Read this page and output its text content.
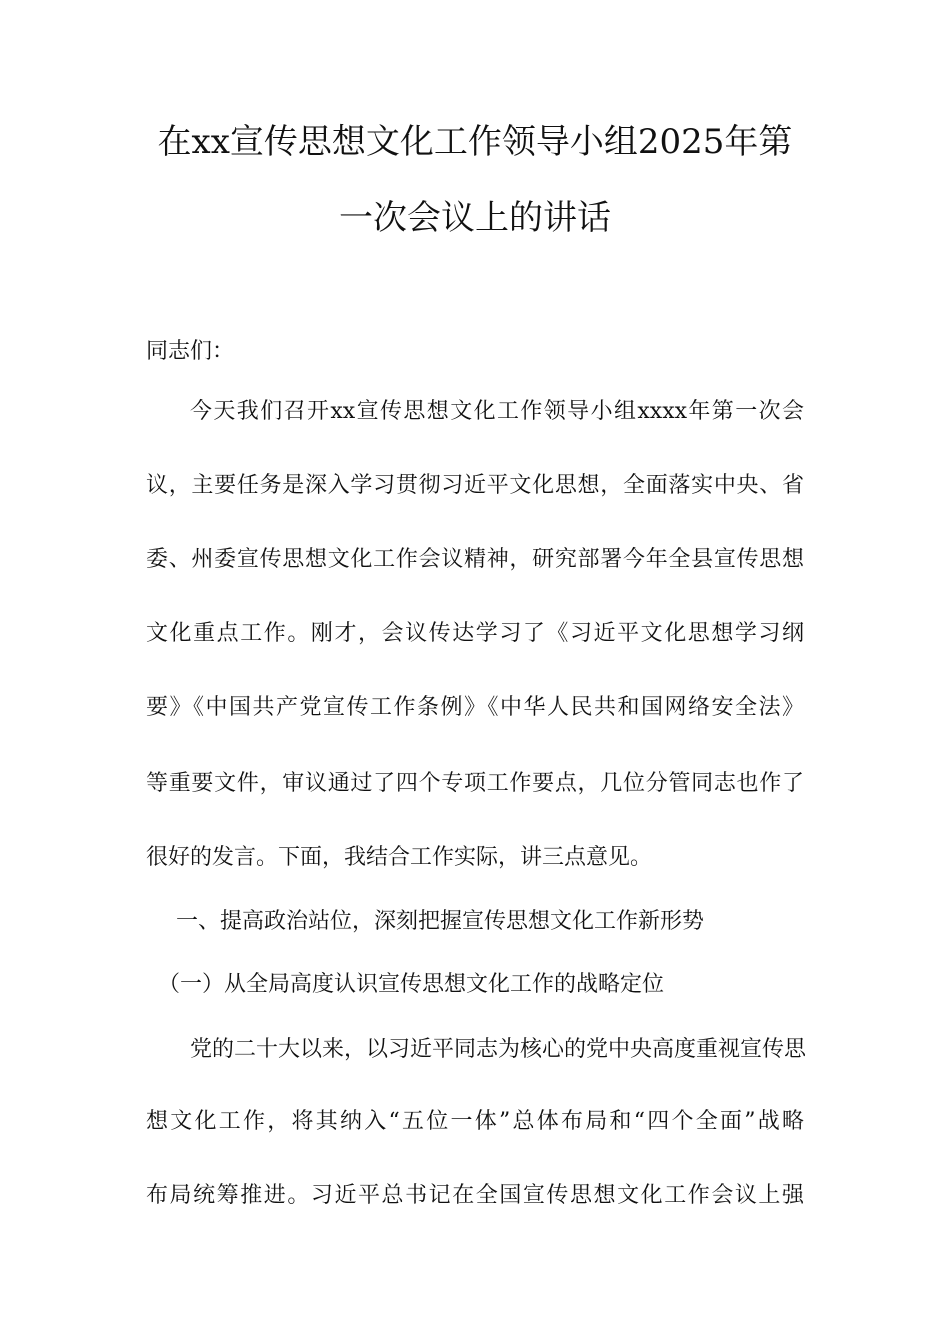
在xx宣传思想文化工作领导小组2025年第
一次会议上的讲话
同志们：
今天我们召开xx宣传思想文化工作领导小组xxxx年第一次会
议，主要任务是深入学习贯彻习近平文化思想，全面落实中央、省
委、州委宣传思想文化工作会议精神，研究部署今年全县宣传思想
文化重点工作。刚才，会议传达学习了《习近平文化思想学习纲
要》《中国共产党宣传工作条例》《中华人民共和国网络安全法》
等重要文件，审议通过了四个专项工作要点，几位分管同志也作了
很好的发言。下面，我结合工作实际，讲三点意见。
一、提高政治站位，深刻把握宣传思想文化工作新形势
（一）从全局高度认识宣传思想文化工作的战略定位
党的二十大以来，以习近平同志为核心的党中央高度重视宣传思
想文化工作，将其纳入“五位一体”总体布局和“四个全面”战略
布局统筹推进。习近平总书记在全国宣传思想文化工作会议上强
